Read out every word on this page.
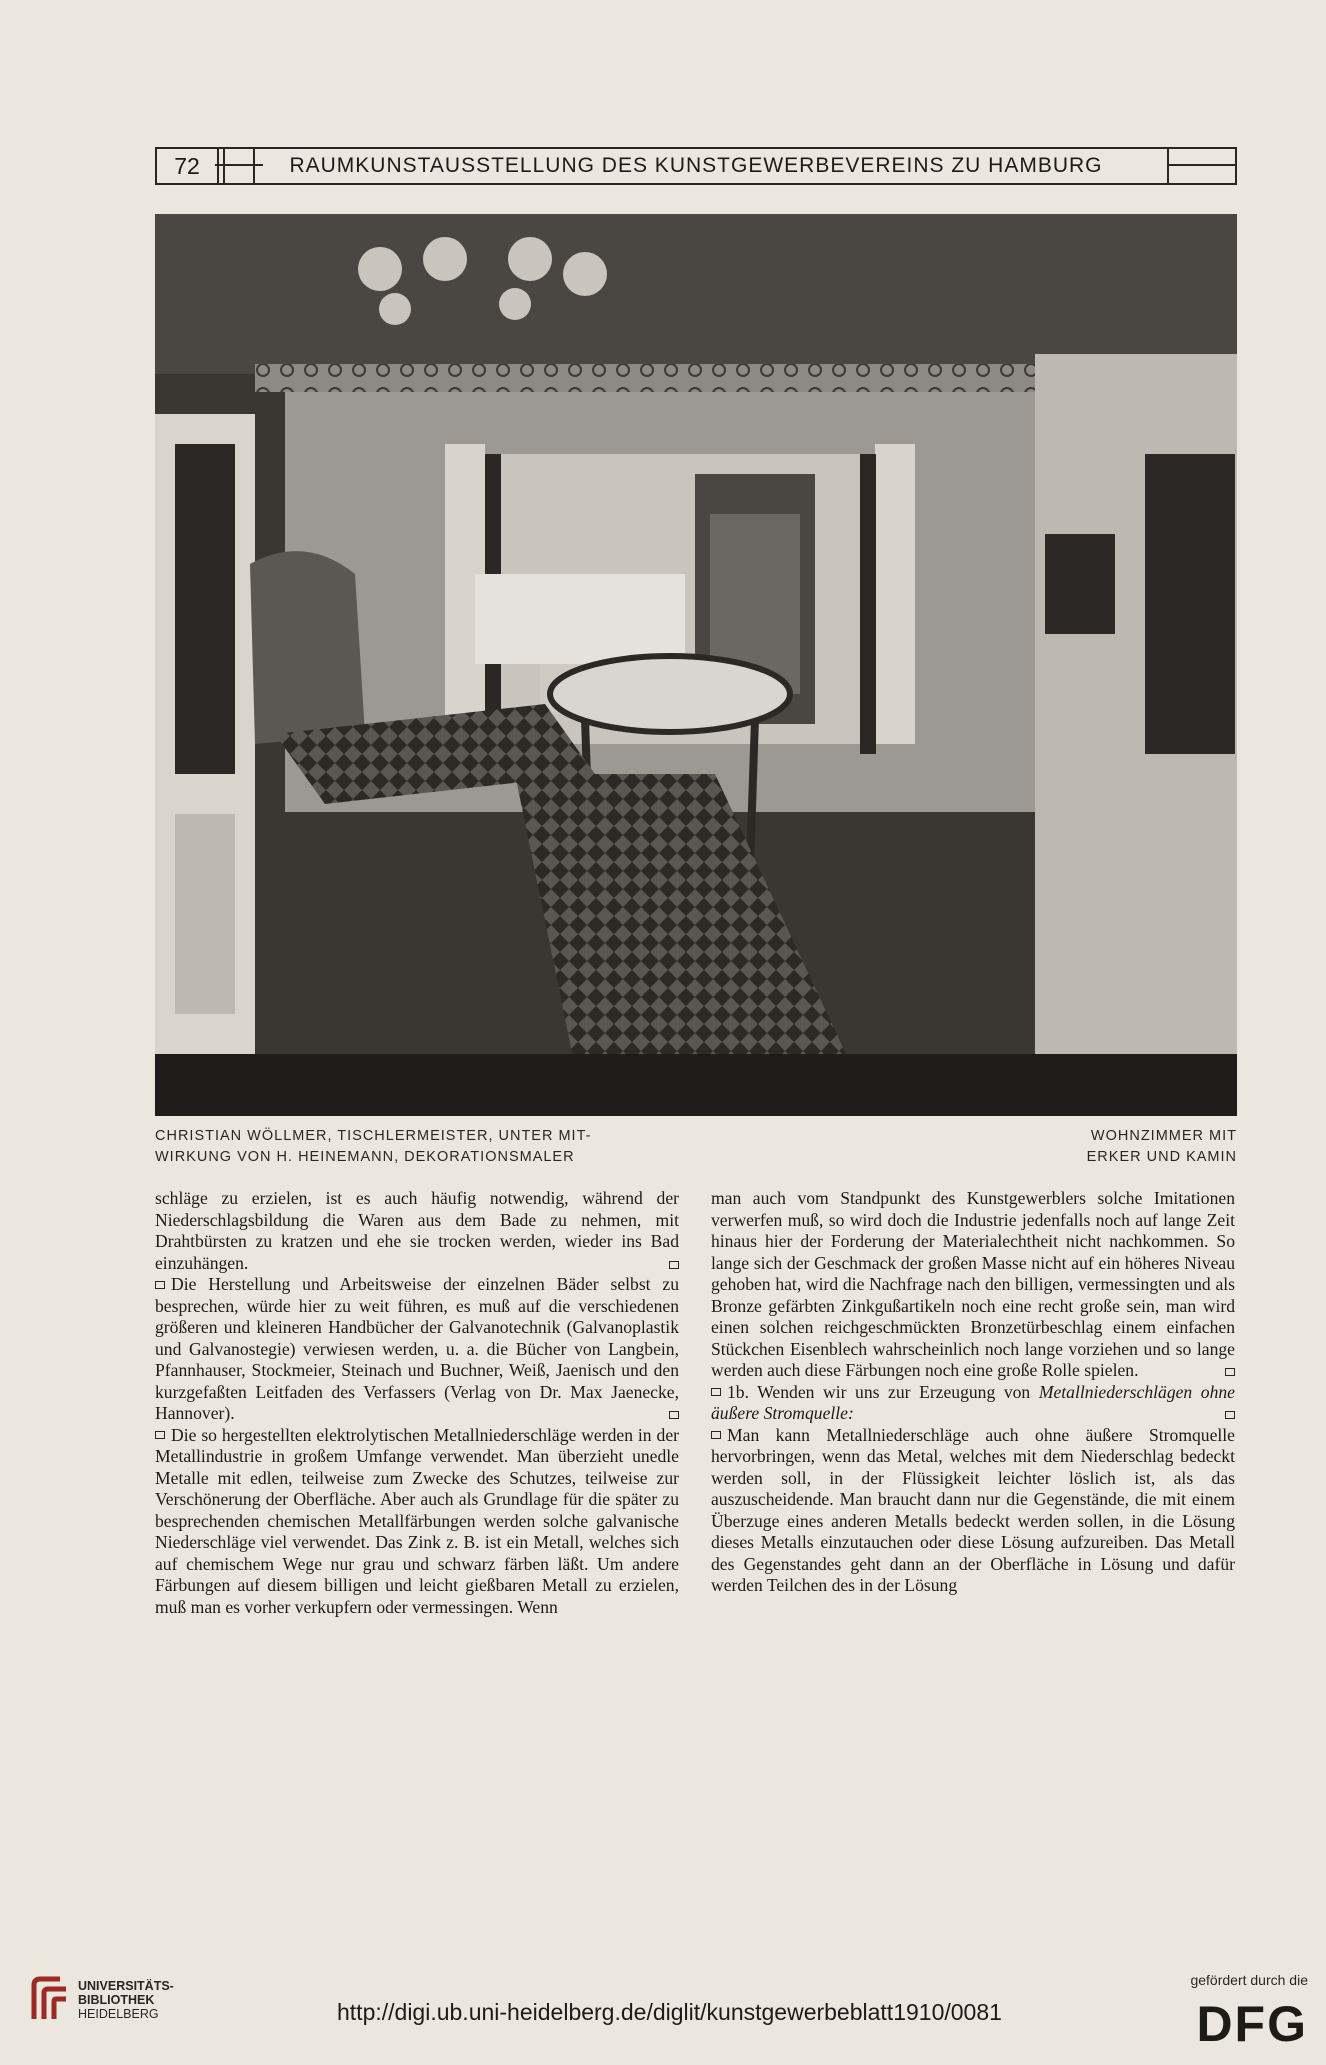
72	RAUMKUNSTAUSSTELLUNG DES KUNSTGEWERBEVEREINS ZU HAMBURG
CHRISTIAN WÖLLMER, TISCHLERMEISTER, UNTER MIT-
WIRKUNG VON H. HEINEMANN, DEKORATIONSMALER
WOHNZIMMER MIT
ERKER UND KAMIN

schläge zu erzielen, ist es auch häufig notwendig, während der Niederschlagsbildung die Waren aus dem Bade zu nehmen, mit Drahtbürsten zu kratzen und ehe sie trocken werden, wieder ins Bad einzuhängen.

Die Herstellung und Arbeitsweise der einzelnen Bäder selbst zu besprechen, würde hier zu weit führen, es muß auf die verschiedenen größeren und kleineren Handbücher der Galvanotechnik (Galvanoplastik und Galvanostegie) verwiesen werden, u. a. die Bücher von Langbein, Pfannhauser, Stockmeier, Steinach und Buchner, Weiß, Jaenisch und den kurzgefaßten Leitfaden des Verfassers (Verlag von Dr. Max Jaenecke, Hannover).

Die so hergestellten elektrolytischen Metallniederschläge werden in der Metallindustrie in großem Umfange verwendet. Man überzieht unedle Metalle mit edlen, teilweise zum Zwecke des Schutzes, teilweise zur Verschönerung der Oberfläche. Aber auch als Grundlage für die später zu besprechenden chemischen Metallfärbungen werden solche galvanische Niederschläge viel verwendet. Das Zink z. B. ist ein Metall, welches sich auf chemischem Wege nur grau und schwarz färben läßt. Um andere Färbungen auf diesem billigen und leicht gießbaren Metall zu erzielen, muß man es vorher verkupfern oder vermessingen. Wenn

man auch vom Standpunkt des Kunstgewerblers solche Imitationen verwerfen muß, so wird doch die Industrie jedenfalls noch auf lange Zeit hinaus hier der Forderung der Materialechtheit nicht nachkommen. So lange sich der Geschmack der großen Masse nicht auf ein höheres Niveau gehoben hat, wird die Nachfrage nach den billigen, vermessingten und als Bronze gefärbten Zinkgußartikeln noch eine recht große sein, man wird einen solchen reichgeschmückten Bronzetürbeschlag einem einfachen Stückchen Eisenblech wahrscheinlich noch lange vorziehen und so lange werden auch diese Färbungen noch eine große Rolle spielen.

1b. Wenden wir uns zur Erzeugung von Metallniederschlägen ohne äußere Stromquelle:

Man kann Metallniederschläge auch ohne äußere Stromquelle hervorbringen, wenn das Metal, welches mit dem Niederschlag bedeckt werden soll, in der Flüssigkeit leichter löslich ist, als das auszuscheidende. Man braucht dann nur die Gegenstände, die mit einem Überzuge eines anderen Metalls bedeckt werden sollen, in die Lösung dieses Metalls einzutauchen oder diese Lösung aufzureiben. Das Metall des Gegenstandes geht dann an der Oberfläche in Lösung und dafür werden Teilchen des in der Lösung

UNIVERSITÄTS-
BIBLIOTHEK
HEIDELBERG	http://digi.ub.uni-heidelberg.de/diglit/kunstgewerbeblatt1910/0081
gefördert durch die
DFG
